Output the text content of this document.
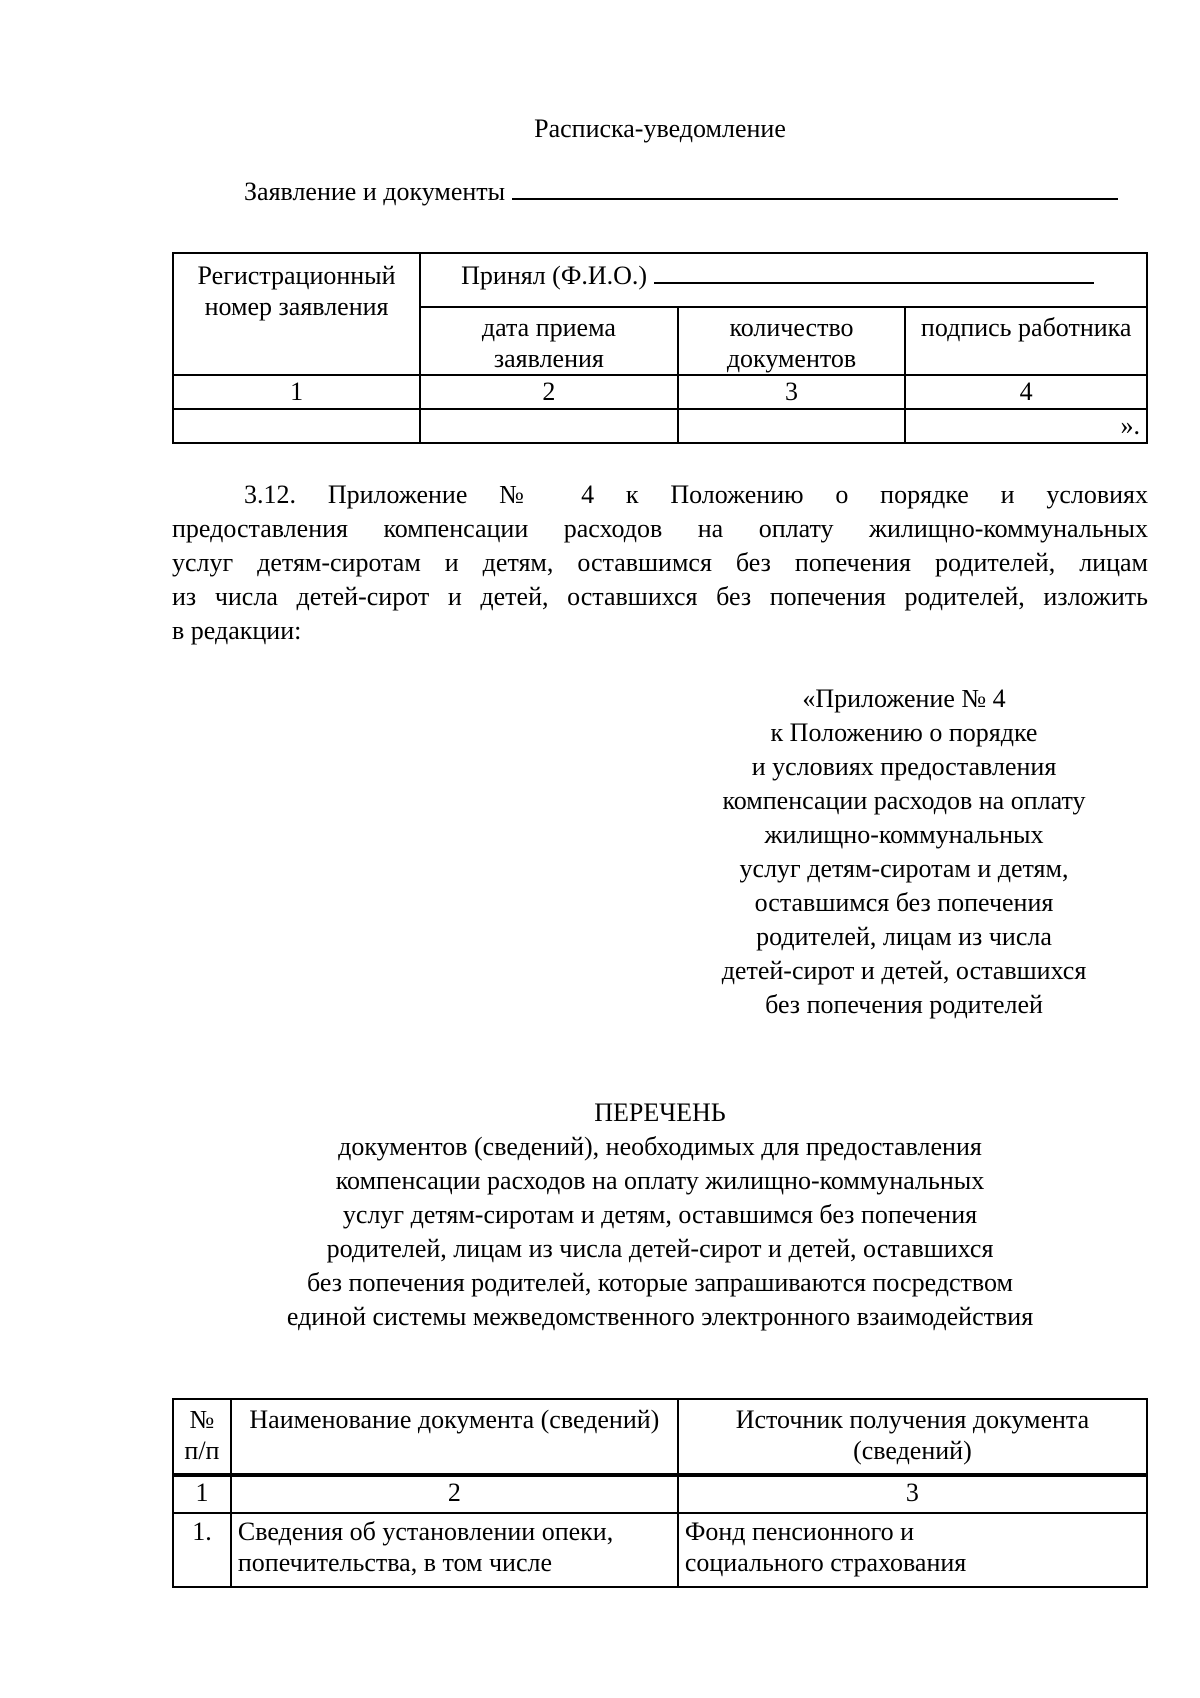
Расписка-уведомление
Заявление и документы
Регистрационный номер заявления	Принял (Ф.И.О.)		
	дата приема заявления	количество документов	подпись работника
1	2	3	4
			».
3.12. Приложение № 4 к Положению о порядке и условиях
предоставления компенсации расходов на оплату жилищно-коммунальных
услуг детям-сиротам и детям, оставшимся без попечения родителей, лицам
из числа детей-сирот и детей, оставшихся без попечения родителей, изложить
в редакции:
«Приложение № 4
к Положению о порядке
и условиях предоставления
компенсации расходов на оплату
жилищно-коммунальных
услуг детям-сиротам и детям,
оставшимся без попечения
родителей, лицам из числа
детей-сирот и детей, оставшихся
без попечения родителей
ПЕРЕЧЕНЬ
документов (сведений), необходимых для предоставления
компенсации расходов на оплату жилищно-коммунальных
услуг детям-сиротам и детям, оставшимся без попечения
родителей, лицам из числа детей-сирот и детей, оставшихся
без попечения родителей, которые запрашиваются посредством
единой системы межведомственного электронного взаимодействия
№ п/п	Наименование документа (сведений)	Источник получения документа (сведений)
1	2	3
1.	Сведения об установлении опеки, попечительства, в том числе	Фонд пенсионного и социального страхования
